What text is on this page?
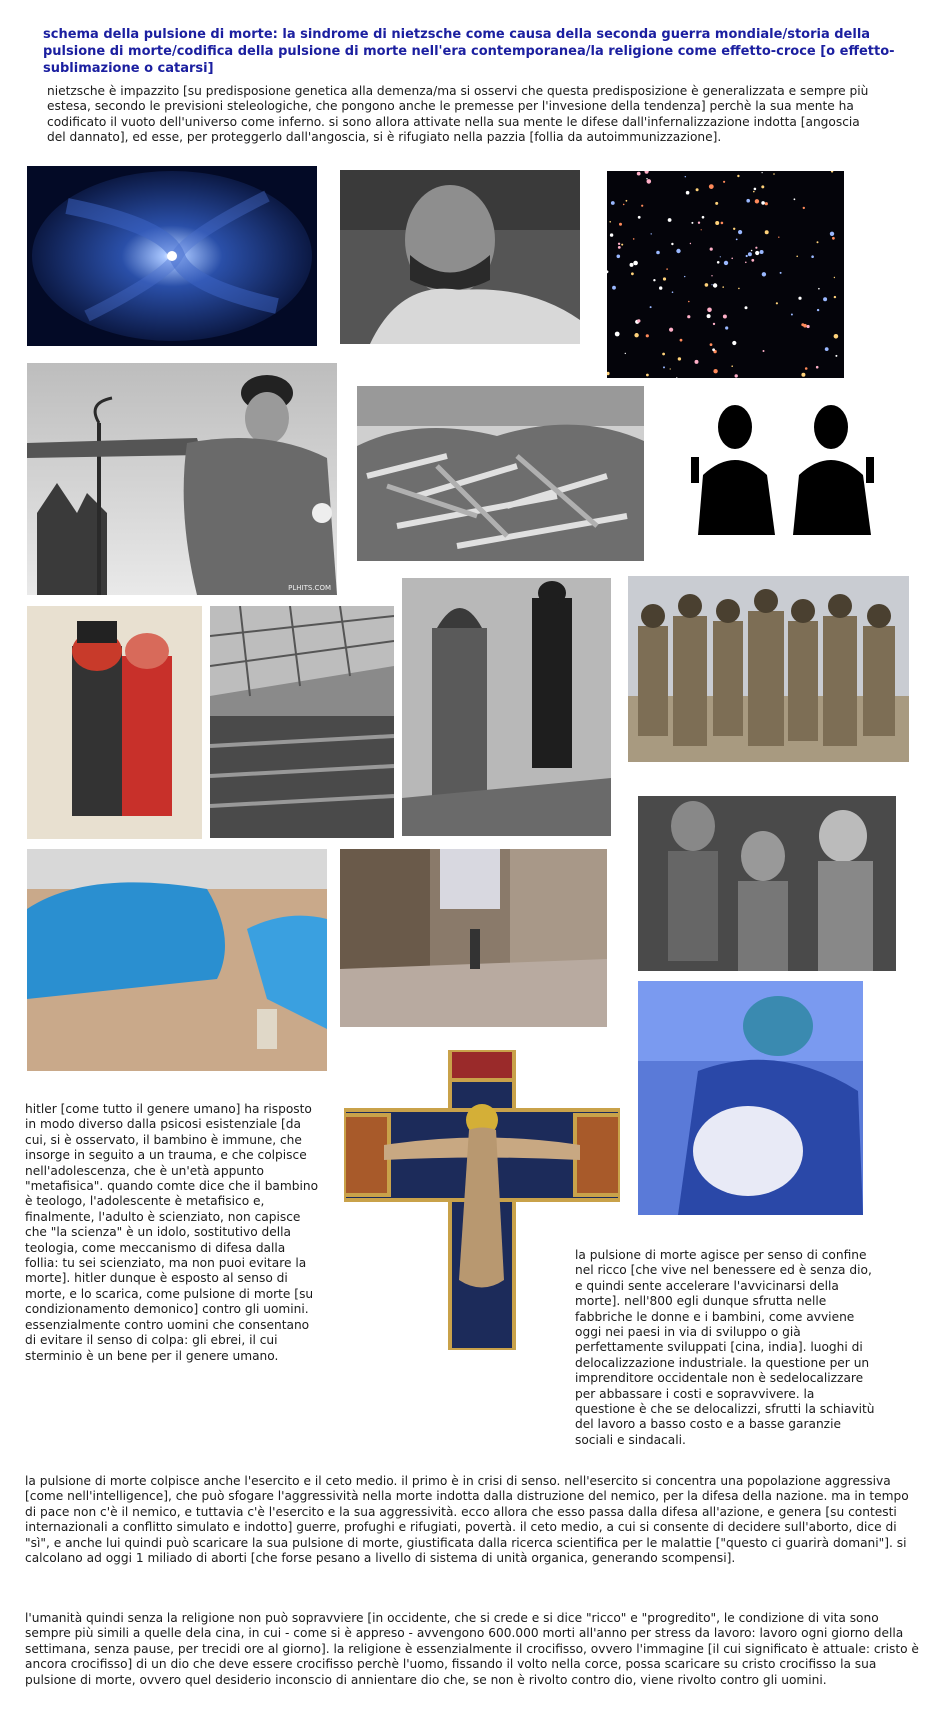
schema della pulsione di morte: la sindrome di nietzsche come causa della seconda guerra mondiale/storia della pulsione di morte/codifica della pulsione di morte nell'era contemporanea/la religione come effetto-croce [o effetto-sublimazione o catarsi]
nietzsche è impazzito [su predisposione genetica alla demenza/ma si osservi che questa predisposizione è generalizzata e sempre più estesa, secondo le previsioni steleologiche, che pongono anche le premesse per l'invesione della tendenza] perchè la sua mente ha codificato il vuoto dell'universo come inferno. si sono allora attivate nella sua mente le difese dall'infernalizzazione indotta [angoscia del dannato], ed esse, per proteggerlo dall'angoscia, si è rifugiato nella pazzia [follia da autoimmunizzazione].
PLHITS.COM
hitler [come tutto il genere umano] ha risposto in modo diverso dalla psicosi esistenziale [da cui, si è osservato, il bambino è immune, che insorge in seguito a un trauma, e che colpisce nell'adolescenza, che è un'età appunto "metafisica". quando comte dice che il bambino è teologo, l'adolescente è metafisico e, finalmente, l'adulto è scienziato, non capisce che "la scienza" è un idolo, sostitutivo della teologia, come meccanismo di difesa dalla follia: tu sei scienziato, ma non puoi evitare la morte]. hitler dunque è esposto al senso di morte, e lo scarica, come pulsione di morte [su condizionamento demonico] contro gli uomini. essenzialmente contro uomini che consentano di evitare il senso di colpa: gli ebrei, il cui sterminio è un bene per il genere umano.
la pulsione di morte agisce per senso di confine nel ricco [che vive nel benessere ed è senza dio, e quindi sente accelerare l'avvicinarsi della morte]. nell'800 egli dunque sfrutta nelle fabbriche le donne e i bambini, come avviene oggi nei paesi in via di sviluppo o già perfettamente sviluppati [cina, india]. luoghi di delocalizzazione industriale. la questione per un imprenditore occidentale non è sedelocalizzare per abbassare i costi e sopravvivere. la questione è che se delocalizzi, sfrutti la schiavitù del lavoro a basso costo e a basse garanzie sociali e sindacali.
la pulsione di morte colpisce anche l'esercito e il ceto medio. il primo è in crisi di senso. nell'esercito si concentra una popolazione aggressiva [come nell'intelligence], che può sfogare l'aggressività nella morte indotta dalla distruzione del nemico, per la difesa della nazione. ma in tempo di pace non c'è il nemico, e tuttavia c'è l'esercito e la sua aggressività. ecco allora che esso passa dalla difesa all'azione, e genera [su contesti internazionali a conflitto simulato e indotto] guerre, profughi e rifugiati, povertà. il ceto medio, a cui si consente di decidere sull'aborto, dice di "sì", e anche lui quindi può scaricare la sua pulsione di morte, giustificata dalla ricerca scientifica per le malattie ["questo ci guarirà domani"]. si calcolano ad oggi 1 miliado di aborti [che forse pesano a livello di sistema di unità organica, generando scompensi].
l'umanità quindi senza la religione non può sopravviere [in occidente, che si crede e si dice "ricco" e "progredito", le condizione di vita sono sempre più simili a quelle dela cina, in cui - come si è appreso - avvengono 600.000 morti all'anno per stress da lavoro: lavoro ogni giorno della settimana, senza pause, per trecidi ore al giorno]. la religione è essenzialmente il crocifisso, ovvero l'immagine [il cui significato è attuale: cristo è ancora crocifisso] di un dio che deve essere crocifisso perchè l'uomo, fissando il volto nella corce, possa scaricare su cristo crocifisso la sua pulsione di morte, ovvero quel desiderio inconscio di annientare dio che, se non è rivolto contro dio, viene rivolto contro gli uomini.
